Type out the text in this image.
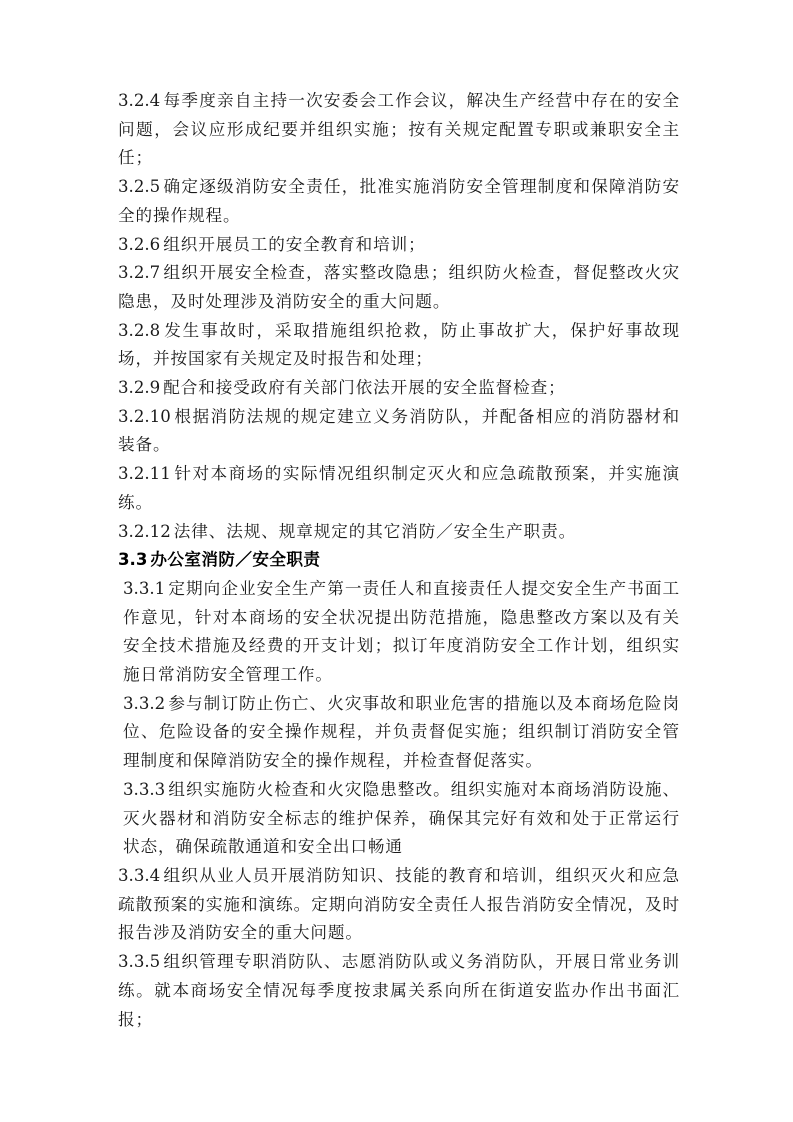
3.2.4 每季度亲自主持一次安委会工作会议，解决生产经营中存在的安全问题，会议应形成纪要并组织实施；按有关规定配置专职或兼职安全主任；

3.2.5 确定逐级消防安全责任，批准实施消防安全管理制度和保障消防安全的操作规程。

3.2.6 组织开展员工的安全教育和培训；

3.2.7 组织开展安全检查，落实整改隐患；组织防火检查，督促整改火灾隐患，及时处理涉及消防安全的重大问题。

3.2.8 发生事故时，采取措施组织抢救，防止事故扩大，保护好事故现场，并按国家有关规定及时报告和处理；

3.2.9 配合和接受政府有关部门依法开展的安全监督检查；

3.2.10 根据消防法规的规定建立义务消防队，并配备相应的消防器材和装备。

3.2.11 针对本商场的实际情况组织制定灭火和应急疏散预案，并实施演练。

3.2.12 法律、法规、规章规定的其它消防／安全生产职责。

3.3 办公室消防／安全职责

3.3.1 定期向企业安全生产第一责任人和直接责任人提交安全生产书面工作意见，针对本商场的安全状况提出防范措施，隐患整改方案以及有关安全技术措施及经费的开支计划；拟订年度消防安全工作计划，组织实施日常消防安全管理工作。

3.3.2 参与制订防止伤亡、火灾事故和职业危害的措施以及本商场危险岗位、危险设备的安全操作规程，并负责督促实施；组织制订消防安全管理制度和保障消防安全的操作规程，并检查督促落实。

3.3.3 组织实施防火检查和火灾隐患整改。组织实施对本商场消防设施、灭火器材和消防安全标志的维护保养，确保其完好有效和处于正常运行状态，确保疏散通道和安全出口畅通

3.3.4 组织从业人员开展消防知识、技能的教育和培训，组织灭火和应急疏散预案的实施和演练。定期向消防安全责任人报告消防安全情况，及时报告涉及消防安全的重大问题。

3.3.5 组织管理专职消防队、志愿消防队或义务消防队，开展日常业务训练。就本商场安全情况每季度按隶属关系向所在街道安监办作出书面汇报；
